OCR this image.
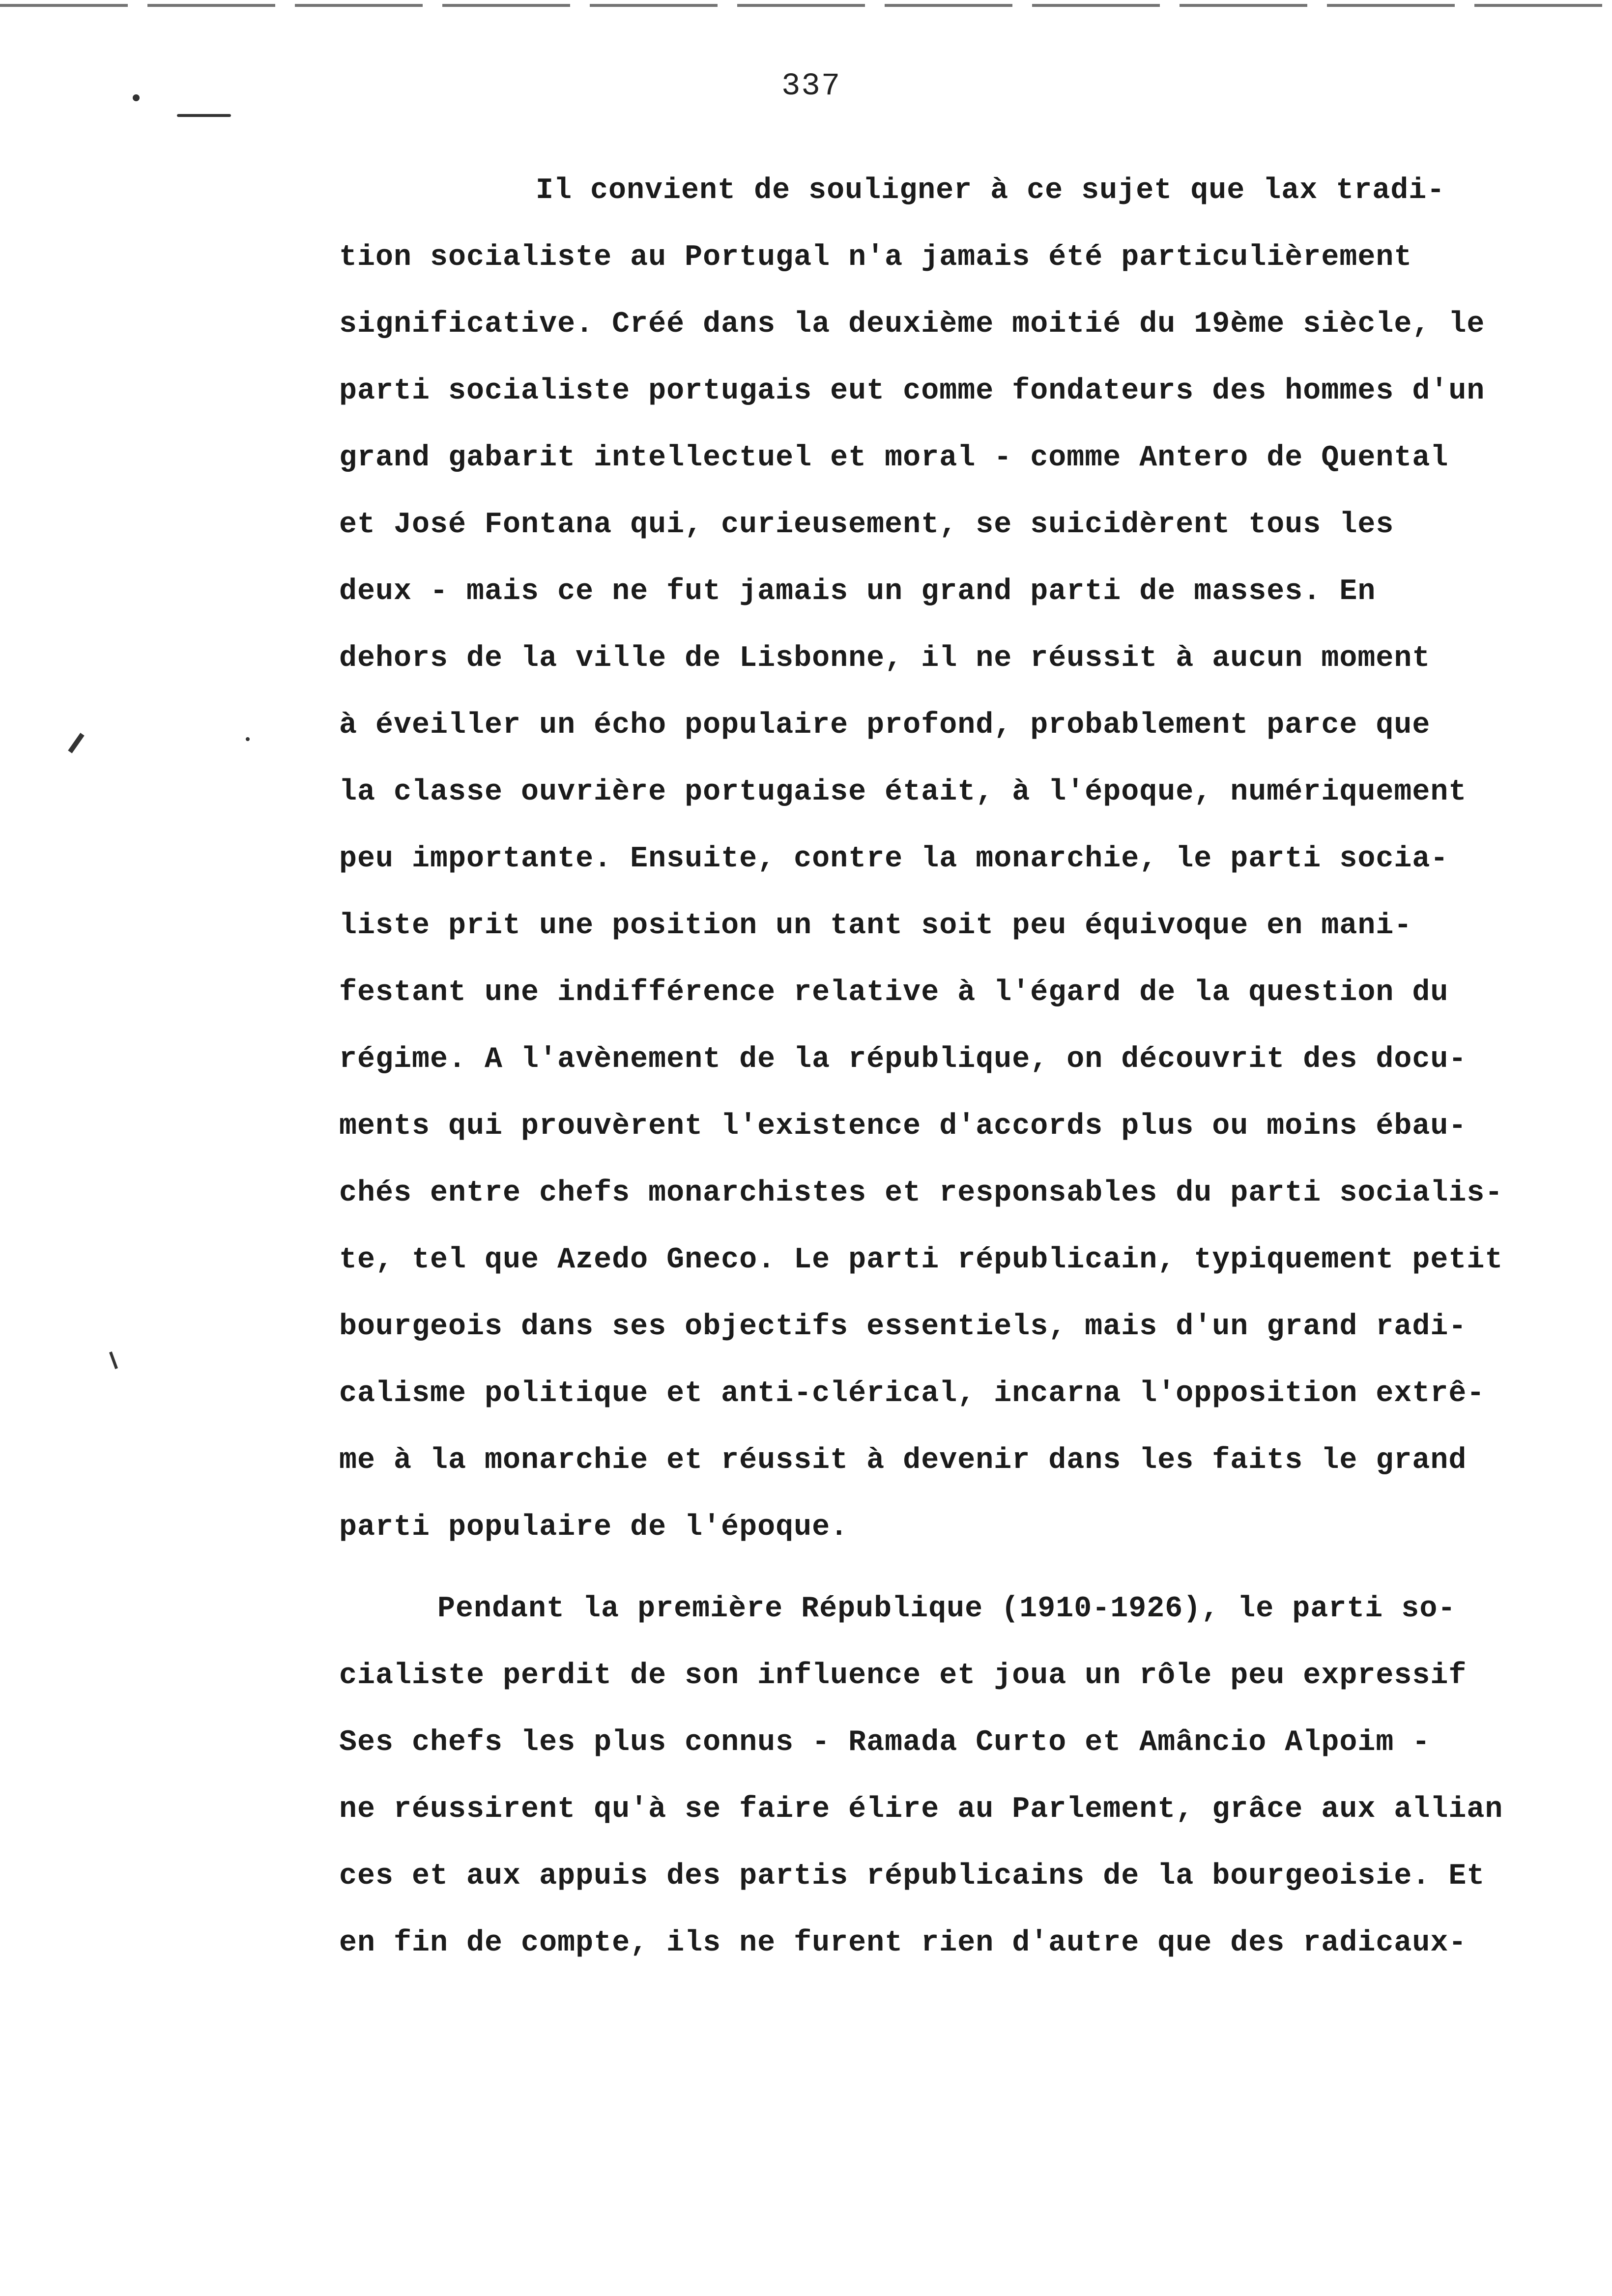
337
Il convient de souligner à ce sujet que lax tradi-
tion socialiste au Portugal n'a jamais été particulièrement
significative. Créé dans la deuxième moitié du 19ème siècle, le
parti socialiste portugais eut comme fondateurs des hommes d'un
grand gabarit intellectuel et moral - comme Antero de Quental
et José Fontana qui, curieusement, se suicidèrent tous les
deux - mais ce ne fut jamais un grand parti de masses. En
dehors de la ville de Lisbonne, il ne réussit à aucun moment
à éveiller un écho populaire profond, probablement parce que
la classe ouvrière portugaise était, à l'époque, numériquement
peu importante. Ensuite, contre la monarchie, le parti socia-
liste prit une position un tant soit peu équivoque en mani-
festant une indifférence relative à l'égard de la question du
régime. A l'avènement de la république, on découvrit des docu-
ments qui prouvèrent l'existence d'accords plus ou moins ébau-
chés entre chefs monarchistes et responsables du parti socialis-
te, tel que Azedo Gneco. Le parti républicain, typiquement petit
bourgeois dans ses objectifs essentiels, mais d'un grand radi-
calisme politique et anti-clérical, incarna l'opposition extrê-
me à la monarchie et réussit à devenir dans les faits le grand
parti populaire de l'époque.
Pendant la première République (1910-1926), le parti so-
cialiste perdit de son influence et joua un rôle peu expressif
Ses chefs les plus connus - Ramada Curto et Amâncio Alpoim -
ne réussirent qu'à se faire élire au Parlement, grâce aux allian
ces et aux appuis des partis républicains de la bourgeoisie. Et
en fin de compte, ils ne furent rien d'autre que des radicaux-
